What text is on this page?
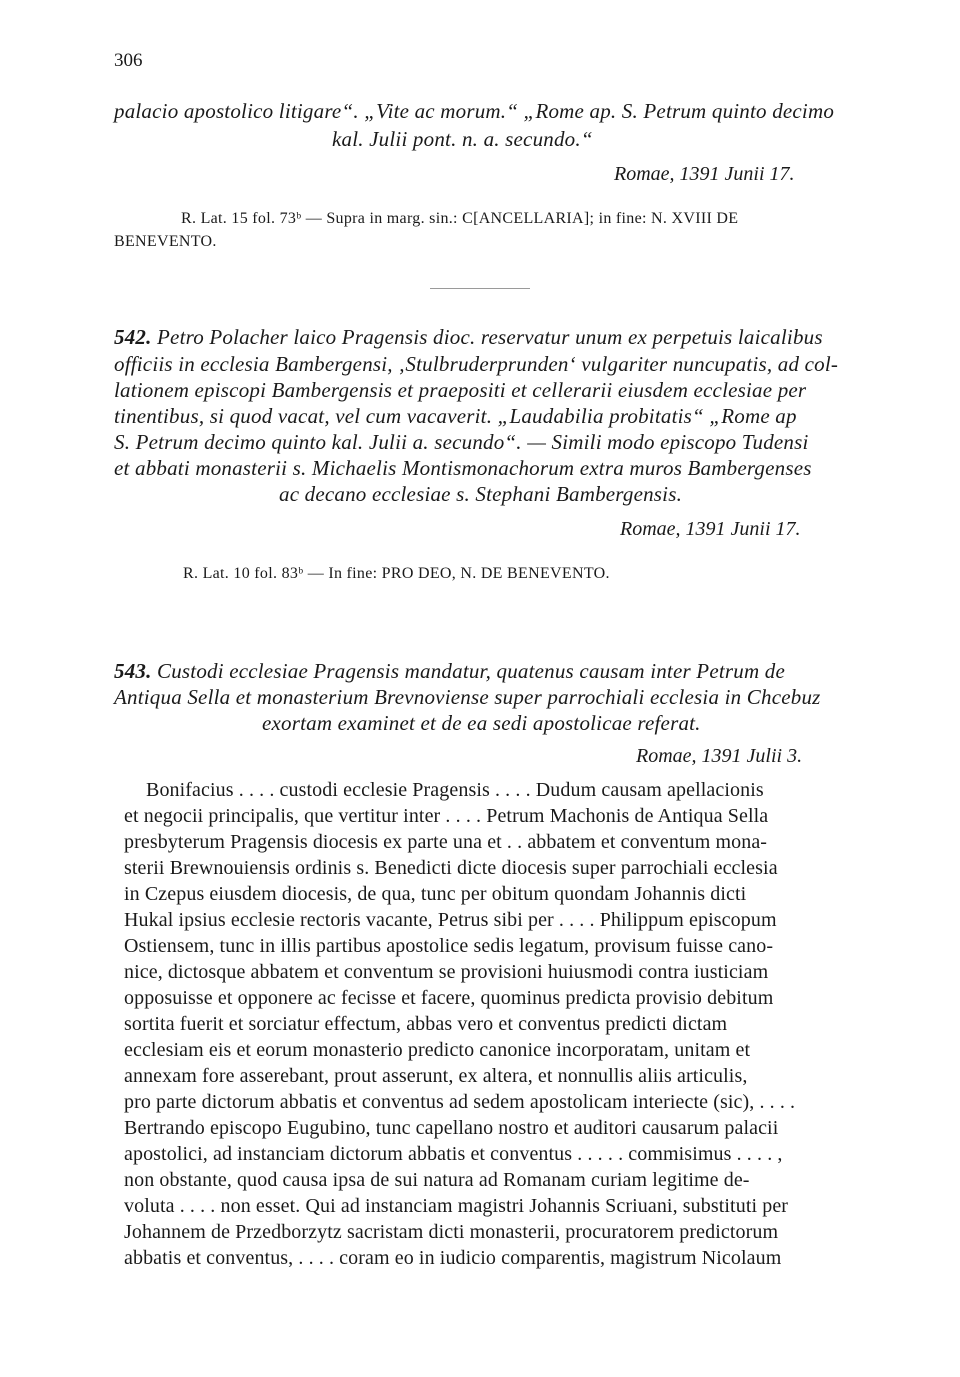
306
palacio apostolico litigare“. „Vite ac morum.“ „Rome ap. S. Petrum quinto decimo
kal. Julii pont. n. a. secundo.“
Romae, 1391 Junii 17.
R. Lat. 15 fol. 73ᵇ — Supra in marg. sin.: C[ANCELLARIA]; in fine: N. XVIII DE
BENEVENTO.
542. Petro Polacher laico Pragensis dioc. reservatur unum ex perpetuis laicalibus
officiis in ecclesia Bambergensi, ‚Stulbruderprunden‘ vulgariter nuncupatis, ad col-
lationem episcopi Bambergensis et praepositi et cellerarii eiusdem ecclesiae per
tinentibus, si quod vacat, vel cum vacaverit. „Laudabilia probitatis“ „Rome ap
S. Petrum decimo quinto kal. Julii a. secundo“. — Simili modo episcopo Tudensi
et abbati monasterii s. Michaelis Montismonachorum extra muros Bambergenses
ac decano ecclesiae s. Stephani Bambergensis.
Romae, 1391 Junii 17.
R. Lat. 10 fol. 83ᵇ — In fine: PRO DEO, N. DE BENEVENTO.
543. Custodi ecclesiae Pragensis mandatur, quatenus causam inter Petrum de
Antiqua Sella et monasterium Brevnoviense super parrochiali ecclesia in Chcebuz
exortam examinet et de ea sedi apostolicae referat.
Romae, 1391 Julii 3.
Bonifacius . . . . custodi ecclesie Pragensis . . . . Dudum causam apellacionis
et negocii principalis, que vertitur inter . . . . Petrum Machonis de Antiqua Sella
presbyterum Pragensis diocesis ex parte una et . . abbatem et conventum mona-
sterii Brewnouiensis ordinis s. Benedicti dicte diocesis super parrochiali ecclesia
in Czepus eiusdem diocesis, de qua, tunc per obitum quondam Johannis dicti
Hukal ipsius ecclesie rectoris vacante, Petrus sibi per . . . . Philippum episcopum
Ostiensem, tunc in illis partibus apostolice sedis legatum, provisum fuisse cano-
nice, dictosque abbatem et conventum se provisioni huiusmodi contra iusticiam
opposuisse et opponere ac fecisse et facere, quominus predicta provisio debitum
sortita fuerit et sorciatur effectum, abbas vero et conventus predicti dictam
ecclesiam eis et eorum monasterio predicto canonice incorporatam, unitam et
annexam fore asserebant, prout asserunt, ex altera, et nonnullis aliis articulis,
pro parte dictorum abbatis et conventus ad sedem apostolicam interiecte (sic), . . . .
Bertrando episcopo Eugubino, tunc capellano nostro et auditori causarum palacii
apostolici, ad instanciam dictorum abbatis et conventus . . . . . commisimus . . . . ,
non obstante, quod causa ipsa de sui natura ad Romanam curiam legitime de-
voluta . . . . non esset. Qui ad instanciam magistri Johannis Scriuani, substituti per
Johannem de Przedborzytz sacristam dicti monasterii, procuratorem predictorum
abbatis et conventus, . . . . coram eo in iudicio comparentis, magistrum Nicolaum
